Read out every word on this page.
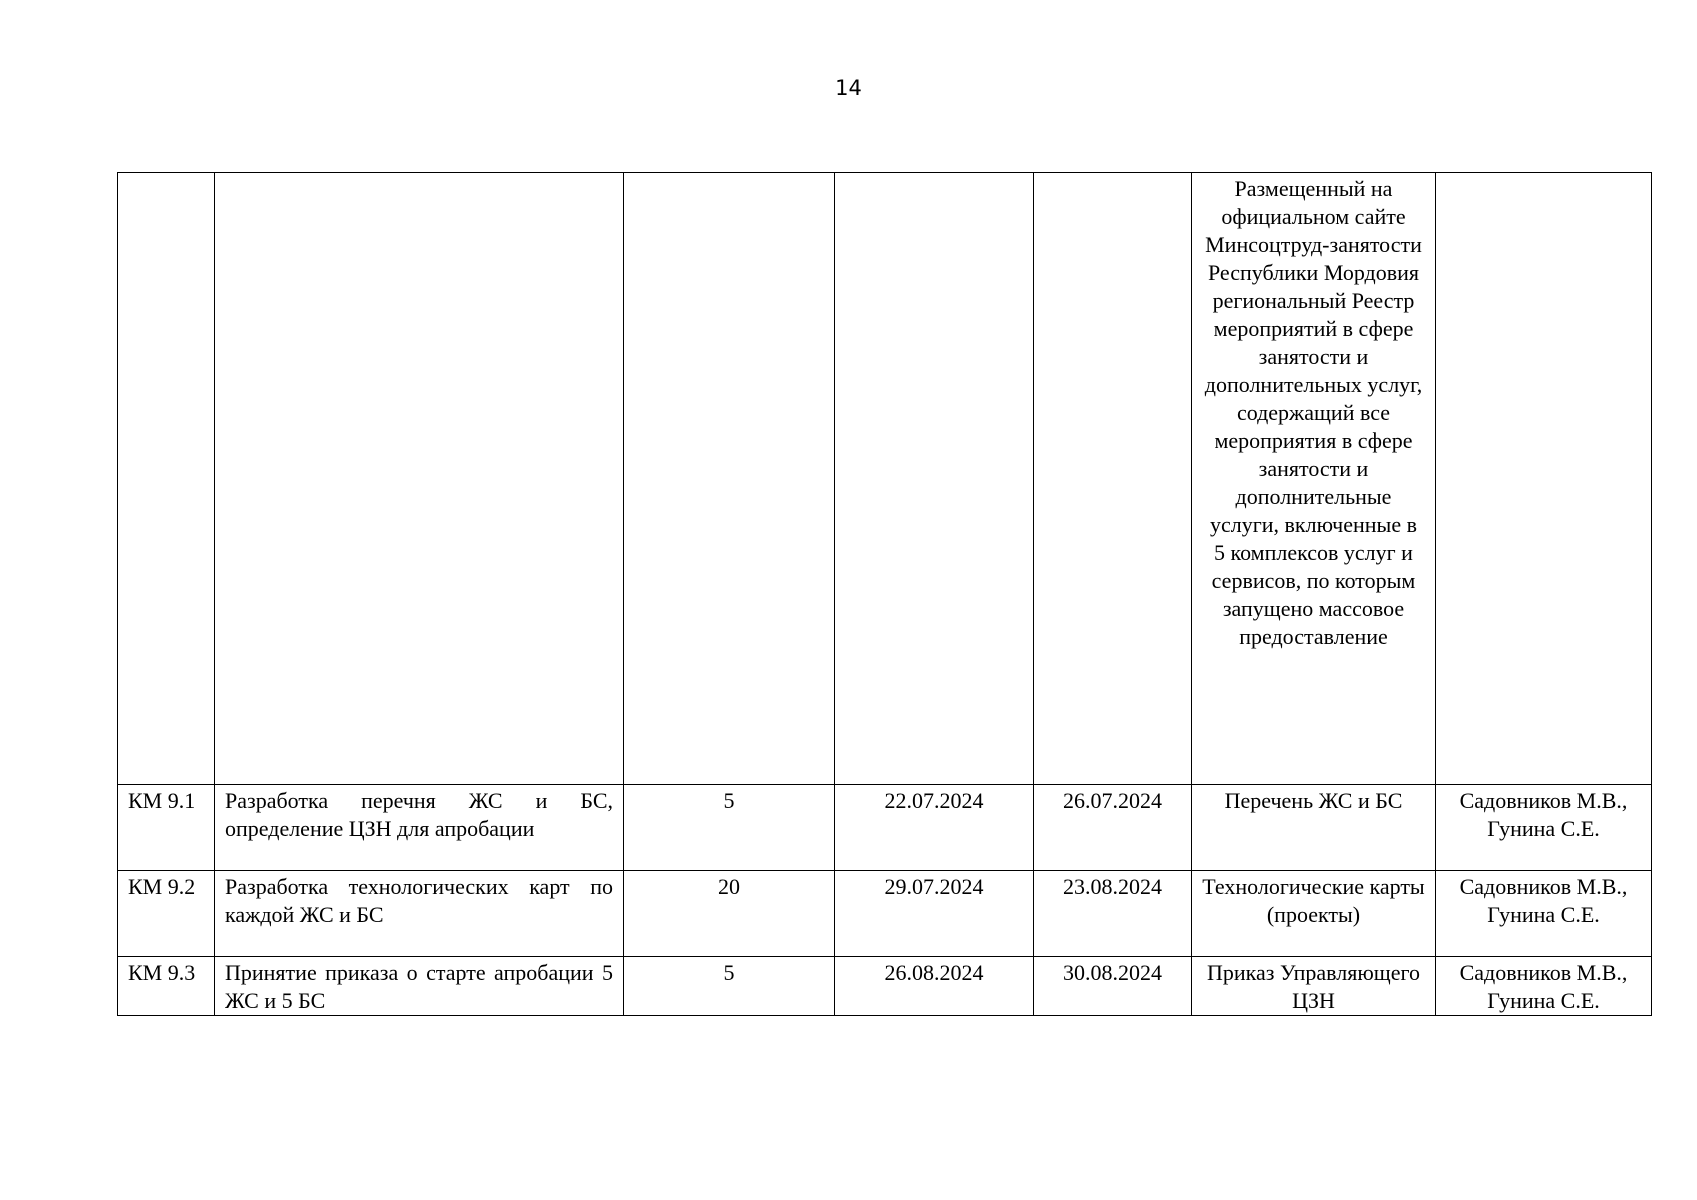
14
					Размещенный на официальном сайте Минсоцтруд-занятости Республики Мордовия региональный Реестр мероприятий в сфере занятости и дополнительных услуг, содержащий все мероприятия в сфере занятости и дополнительные услуги, включенные в 5 комплексов услуг и сервисов, по которым запущено массовое предоставление	
КМ 9.1	Разработка перечня ЖС и БС, определение ЦЗН для апробации	5	22.07.2024	26.07.2024	Перечень ЖС и БС	Садовников М.В., Гунина С.Е.
КМ 9.2	Разработка технологических карт по каждой ЖС и БС	20	29.07.2024	23.08.2024	Технологические карты (проекты)	Садовников М.В., Гунина С.Е.
КМ 9.3	Принятие приказа о старте апробации 5 ЖС и 5 БС	5	26.08.2024	30.08.2024	Приказ Управляющего ЦЗН	Садовников М.В., Гунина С.Е.
